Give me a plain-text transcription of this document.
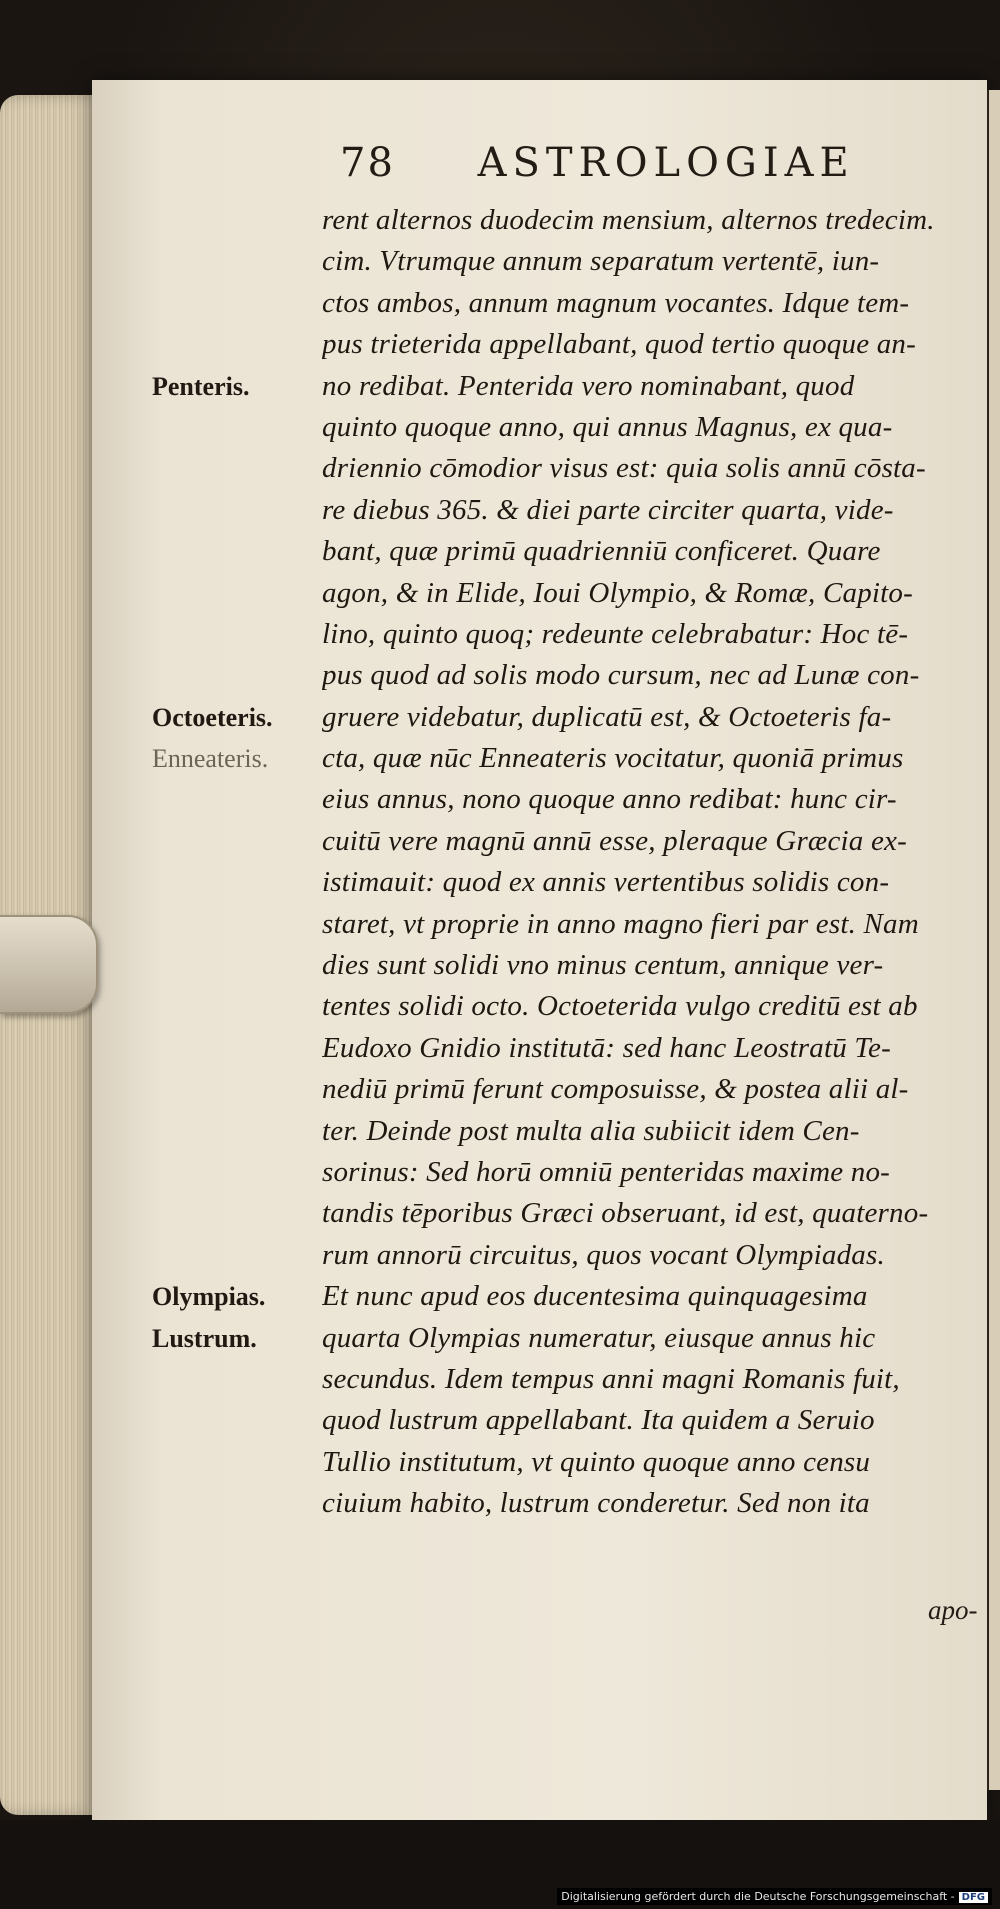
78 ASTROLOGIAE
rent alternos duodecim mensium, alternos tredecim.
cim. Vtrumque annum separatum vertentē, iun-
ctos ambos, annum magnum vocantes. Idque tem-
pus trieterida appellabant, quod tertio quoque an-
no redibat. Penterida vero nominabant, quod
quinto quoque anno, qui annus Magnus, ex qua-
driennio cōmodior visus est: quia solis annū cōsta-
re diebus 365. & diei parte circiter quarta, vide-
bant, quæ primū quadrienniū conficeret. Quare
agon, & in Elide, Ioui Olympio, & Romæ, Capito-
lino, quinto quoq; redeunte celebrabatur: Hoc tē-
pus quod ad solis modo cursum, nec ad Lunæ con-
gruere videbatur, duplicatū est, & Octoeteris fa-
cta, quæ nūc Enneateris vocitatur, quoniā primus
eius annus, nono quoque anno redibat: hunc cir-
cuitū vere magnū annū esse, pleraque Græcia ex-
istimauit: quod ex annis vertentibus solidis con-
staret, vt proprie in anno magno fieri par est. Nam
dies sunt solidi vno minus centum, annique ver-
tentes solidi octo. Octoeterida vulgo creditū est ab
Eudoxo Gnidio institutā: sed hanc Leostratū Te-
nediū primū ferunt composuisse, & postea alii al-
ter. Deinde post multa alia subiicit idem Cen-
sorinus: Sed horū omniū penteridas maxime no-
tandis tēporibus Græci obseruant, id est, quaterno-
rum annorū circuitus, quos vocant Olympiadas.
Et nunc apud eos ducentesima quinquagesima
quarta Olympias numeratur, eiusque annus hic
secundus. Idem tempus anni magni Romanis fuit,
quod lustrum appellabant. Ita quidem a Seruio
Tullio institutum, vt quinto quoque anno censu
ciuium habito, lustrum conderetur. Sed non ita
Penteris.
Octoeteris.
Enneateris.
Olympias.
Lustrum.
apo-
Digitalisierung gefördert durch die Deutsche Forschungsgemeinschaft - DFG
